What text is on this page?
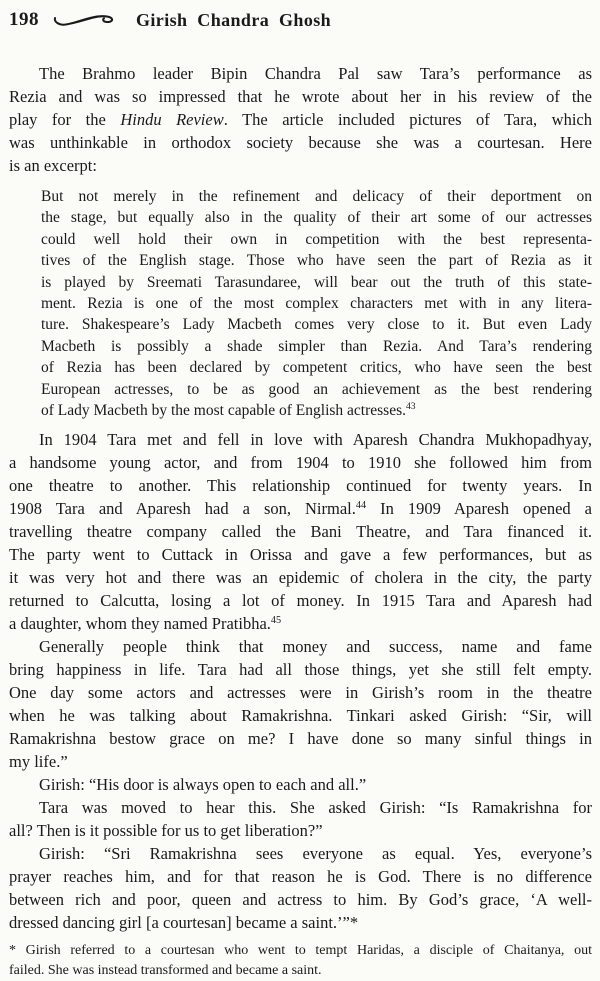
198	Girish Chandra Ghosh
The Brahmo leader Bipin Chandra Pal saw Tara’s performance as
Rezia and was so impressed that he wrote about her in his review of the
play for the Hindu Review. The article included pictures of Tara, which
was unthinkable in orthodox society because she was a courtesan. Here
is an excerpt:
But not merely in the refinement and delicacy of their deportment on
the stage, but equally also in the quality of their art some of our actresses
could well hold their own in competition with the best representa-
tives of the English stage. Those who have seen the part of Rezia as it
is played by Sreemati Tarasundaree, will bear out the truth of this state-
ment. Rezia is one of the most complex characters met with in any litera-
ture. Shakespeare’s Lady Macbeth comes very close to it. But even Lady
Macbeth is possibly a shade simpler than Rezia. And Tara’s rendering
of Rezia has been declared by competent critics, who have seen the best
European actresses, to be as good an achievement as the best rendering
of Lady Macbeth by the most capable of English actresses.$^{43}$
In 1904 Tara met and fell in love with Aparesh Chandra Mukhopadhyay,
a handsome young actor, and from 1904 to 1910 she followed him from
one theatre to another. This relationship continued for twenty years. In
1908 Tara and Aparesh had a son, Nirmal.$^{44}$ In 1909 Aparesh opened a
travelling theatre company called the Bani Theatre, and Tara financed it.
The party went to Cuttack in Orissa and gave a few performances, but as
it was very hot and there was an epidemic of cholera in the city, the party
returned to Calcutta, losing a lot of money. In 1915 Tara and Aparesh had
a daughter, whom they named Pratibha.$^{45}$
Generally people think that money and success, name and fame
bring happiness in life. Tara had all those things, yet she still felt empty.
One day some actors and actresses were in Girish’s room in the theatre
when he was talking about Ramakrishna. Tinkari asked Girish: “Sir, will
Ramakrishna bestow grace on me? I have done so many sinful things in
my life.”
Girish: “His door is always open to each and all.”
Tara was moved to hear this. She asked Girish: “Is Ramakrishna for
all? Then is it possible for us to get liberation?”
Girish: “Sri Ramakrishna sees everyone as equal. Yes, everyone’s
prayer reaches him, and for that reason he is God. There is no difference
between rich and poor, queen and actress to him. By God’s grace, ‘A well-
dressed dancing girl [a courtesan] became a saint.’”*
* Girish referred to a courtesan who went to tempt Haridas, a disciple of Chaitanya, out
failed. She was instead transformed and became a saint.
